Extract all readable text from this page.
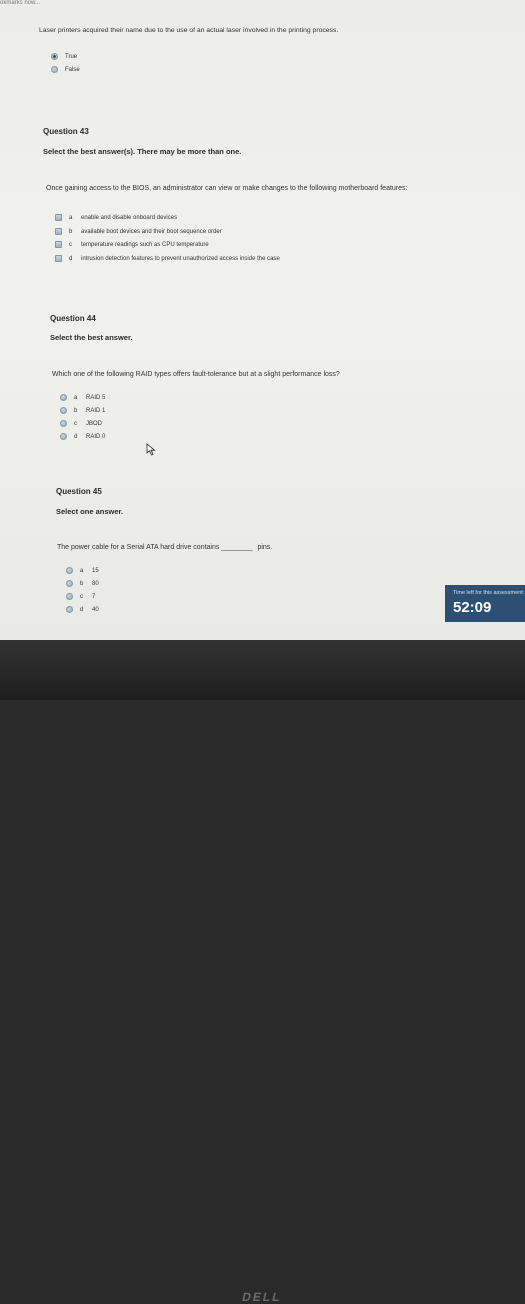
okmarks now...
Laser printers acquired their name due to the use of an actual laser involved in the printing process.
True
False
Question 43
Select the best answer(s). There may be more than one.
Once gaining access to the BIOS, an administrator can view or make changes to the following motherboard features:
a	enable and disable onboard devices
b	available boot devices and their boot sequence order
c	temperature readings such as CPU temperature
d	intrusion detection features to prevent unauthorized access inside the case
Question 44
Select the best answer.
Which one of the following RAID types offers fault-tolerance but at a slight performance loss?
a	RAID 5
b	RAID 1
c	JBOD
d	RAID 0
Question 45
Select one answer.
The power cable for a Serial ATA hard drive contains ________ pins.
a	15
b	80
c	7
d	40
Time left for this assessment:
52:09
DELL
